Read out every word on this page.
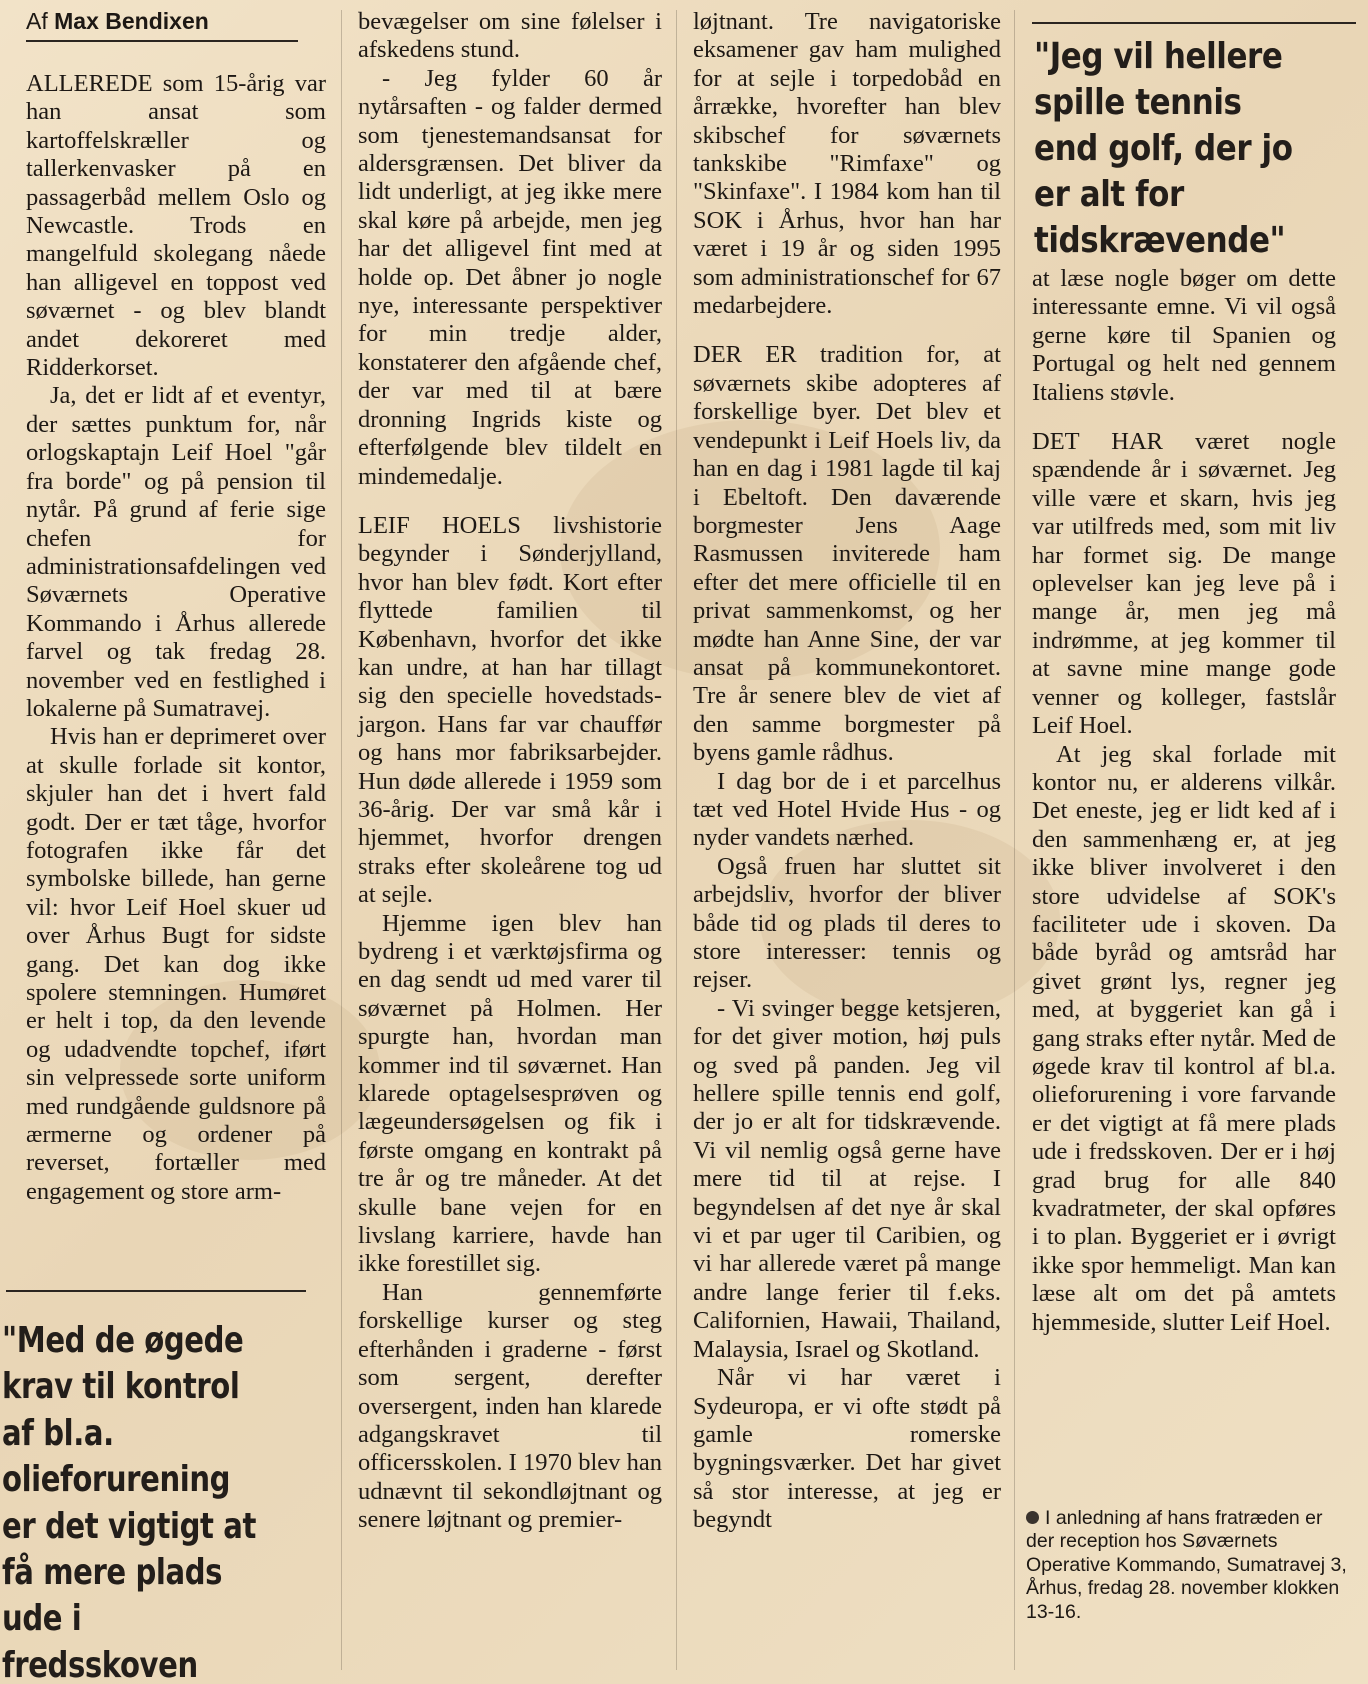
Af Max Bendixen
"Jeg vil hellere spille tennis end golf, der jo er alt for tidskrævende"
"Med de øgede krav til kontrol af bl.a. olieforurening er det vigtigt at få mere plads ude i fredsskoven

ALLEREDE som 15-årig var han ansat som kartoffelskræller og tallerkenvasker på en passagerbåd mellem Oslo og Newcastle. Trods en mangelfuld skolegang nåede han alligevel en toppost ved søværnet - og blev blandt andet dekoreret med Ridderkorset.

Ja, det er lidt af et eventyr, der sættes punktum for, når orlogskaptajn Leif Hoel "går fra borde" og på pension til nytår. På grund af ferie sige chefen for administrationsafdelingen ved Søværnets Operative Kommando i Århus allerede farvel og tak fredag 28. november ved en festlighed i lokalerne på Sumatravej.

Hvis han er deprimeret over at skulle forlade sit kontor, skjuler han det i hvert fald godt. Der er tæt tåge, hvorfor fotografen ikke får det symbolske billede, han gerne vil: hvor Leif Hoel skuer ud over Århus Bugt for sidste gang. Det kan dog ikke spolere stemningen. Humøret er helt i top, da den levende og udadvendte topchef, iført sin velpressede sorte uniform med rundgående guldsnore på ærmerne og ordener på reverset, fortæller med engagement og store arm-

bevægelser om sine følelser i afskedens stund.

- Jeg fylder 60 år nytårsaften - og falder dermed som tjenestemandsansat for aldersgrænsen. Det bliver da lidt underligt, at jeg ikke mere skal køre på arbejde, men jeg har det alligevel fint med at holde op. Det åbner jo nogle nye, interessante perspektiver for min tredje alder, konstaterer den afgående chef, der var med til at bære dronning Ingrids kiste og efterfølgende blev tildelt en mindemedalje.

LEIF HOELS livshistorie begynder i Sønderjylland, hvor han blev født. Kort efter flyttede familien til København, hvorfor det ikke kan undre, at han har tillagt sig den specielle hovedstads-jargon. Hans far var chauffør og hans mor fabriksarbejder. Hun døde allerede i 1959 som 36-årig. Der var små kår i hjemmet, hvorfor drengen straks efter skoleårene tog ud at sejle.

Hjemme igen blev han bydreng i et værktøjsfirma og en dag sendt ud med varer til søværnet på Holmen. Her spurgte han, hvordan man kommer ind til søværnet. Han klarede optagelsesprøven og lægeundersøgelsen og fik i første omgang en kontrakt på tre år og tre måneder. At det skulle bane vejen for en livslang karriere, havde han ikke forestillet sig.

Han gennemførte forskellige kurser og steg efterhånden i graderne - først som sergent, derefter oversergent, inden han klarede adgangskravet til officersskolen. I 1970 blev han udnævnt til sekondløjtnant og senere løjtnant og premier-

løjtnant. Tre navigatoriske eksamener gav ham mulighed for at sejle i torpedobåd en årrække, hvorefter han blev skibschef for søværnets tankskibe "Rimfaxe" og "Skinfaxe". I 1984 kom han til SOK i Århus, hvor han har været i 19 år og siden 1995 som administrationschef for 67 medarbejdere.

DER ER tradition for, at søværnets skibe adopteres af forskellige byer. Det blev et vendepunkt i Leif Hoels liv, da han en dag i 1981 lagde til kaj i Ebeltoft. Den daværende borgmester Jens Aage Rasmussen inviterede ham efter det mere officielle til en privat sammenkomst, og her mødte han Anne Sine, der var ansat på kommunekontoret. Tre år senere blev de viet af den samme borgmester på byens gamle rådhus.

I dag bor de i et parcelhus tæt ved Hotel Hvide Hus - og nyder vandets nærhed.

Også fruen har sluttet sit arbejdsliv, hvorfor der bliver både tid og plads til deres to store interesser: tennis og rejser.

- Vi svinger begge ketsjeren, for det giver motion, høj puls og sved på panden. Jeg vil hellere spille tennis end golf, der jo er alt for tidskrævende. Vi vil nemlig også gerne have mere tid til at rejse. I begyndelsen af det nye år skal vi et par uger til Caribien, og vi har allerede været på mange andre lange ferier til f.eks. Californien, Hawaii, Thailand, Malaysia, Israel og Skotland.

Når vi har været i Sydeuropa, er vi ofte stødt på gamle romerske bygningsværker. Det har givet så stor interesse, at jeg er begyndt

at læse nogle bøger om dette interessante emne. Vi vil også gerne køre til Spanien og Portugal og helt ned gennem Italiens støvle.

DET HAR været nogle spændende år i søværnet. Jeg ville være et skarn, hvis jeg var utilfreds med, som mit liv har formet sig. De mange oplevelser kan jeg leve på i mange år, men jeg må indrømme, at jeg kommer til at savne mine mange gode venner og kolleger, fastslår Leif Hoel.

At jeg skal forlade mit kontor nu, er alderens vilkår. Det eneste, jeg er lidt ked af i den sammenhæng er, at jeg ikke bliver involveret i den store udvidelse af SOK's faciliteter ude i skoven. Da både byråd og amtsråd har givet grønt lys, regner jeg med, at byggeriet kan gå i gang straks efter nytår. Med de øgede krav til kontrol af bl.a. olieforurening i vore farvande er det vigtigt at få mere plads ude i fredsskoven. Der er i høj grad brug for alle 840 kvadratmeter, der skal opføres i to plan. Byggeriet er i øvrigt ikke spor hemmeligt. Man kan læse alt om det på amtets hjemmeside, slutter Leif Hoel.

I anledning af hans fratræden er der reception hos Søværnets Operative Kommando, Sumatravej 3, Århus, fredag 28. november klokken 13-16.
